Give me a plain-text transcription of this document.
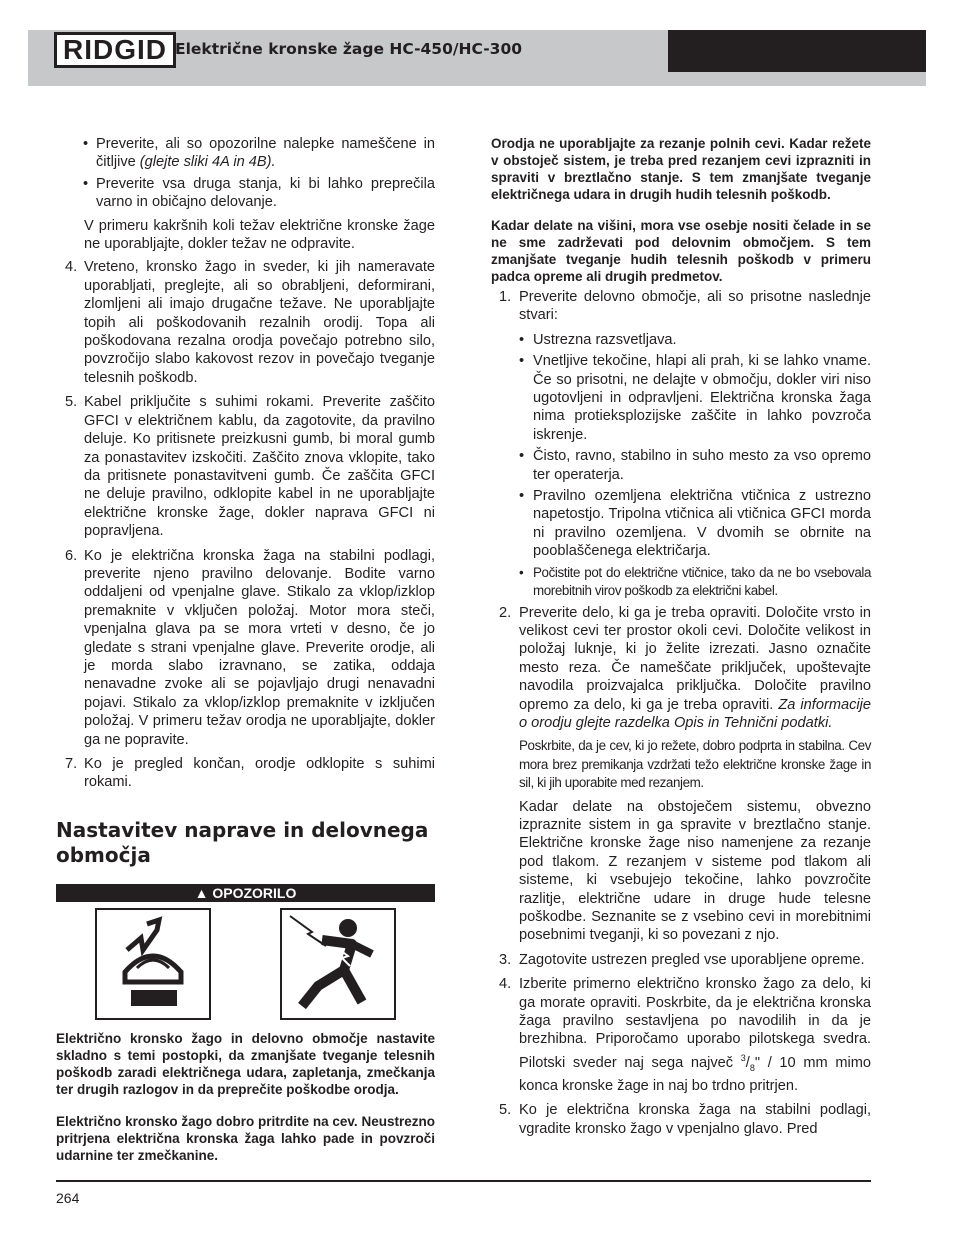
RIDGID Električne kronske žage HC-450/HC-300

• Preverite, ali so opozorilne nalepke nameščene in čitljive (glejte sliki 4A in 4B).

• Preverite vsa druga stanja, ki bi lahko preprečila varno in običajno delovanje.

V primeru kakršnih koli težav električne kronske žage ne uporabljajte, dokler težav ne odpravite.

4. Vreteno, kronsko žago in sveder, ki jih nameravate uporabljati, preglejte, ali so obrabljeni, deformirani, zlomljeni ali imajo drugačne težave. Ne uporabljajte topih ali poškodovanih rezalnih orodij. Topa ali poškodovana rezalna orodja povečajo potrebno silo, povzročijo slabo kakovost rezov in povečajo tveganje telesnih poškodb.

5. Kabel priključite s suhimi rokami. Preverite zaščito GFCI v električnem kablu, da zagotovite, da pravilno deluje. Ko pritisnete preizkusni gumb, bi moral gumb za ponastavitev izskočiti. Zaščito znova vklopite, tako da pritisnete ponastavitveni gumb. Če zaščita GFCI ne deluje pravilno, odklopite kabel in ne uporabljajte električne kronske žage, dokler naprava GFCI ni popravljena.

6. Ko je električna kronska žaga na stabilni podlagi, preverite njeno pravilno delovanje. Bodite varno oddaljeni od vpenjalne glave. Stikalo za vklop/izklop premaknite v vključen položaj. Motor mora steči, vpenjalna glava pa se mora vrteti v desno, če jo gledate s strani vpenjalne glave. Preverite orodje, ali je morda slabo izravnano, se zatika, oddaja nenavadne zvoke ali se pojavljajo drugi nenavadni pojavi. Stikalo za vklop/izklop premaknite v izključen položaj. V primeru težav orodja ne uporabljajte, dokler ga ne popravite.

7. Ko je pregled končan, orodje odklopite s suhimi rokami.

Nastavitev naprave in delovnega območja

▲ OPOZORILO

Električno kronsko žago in delovno območje nastavite skladno s temi postopki, da zmanjšate tveganje telesnih poškodb zaradi električnega udara, zapletanja, zmečkanja ter drugih razlogov in da preprečite poškodbe orodja.

Električno kronsko žago dobro pritrdite na cev. Neustrezno pritrjena električna kronska žaga lahko pade in povzroči udarnine ter zmečkanine.

Orodja ne uporabljajte za rezanje polnih cevi. Kadar režete v obstoječ sistem, je treba pred rezanjem cevi izprazniti in spraviti v breztlačno stanje. S tem zmanjšate tveganje električnega udara in drugih hudih telesnih poškodb.

Kadar delate na višini, mora vse osebje nositi čelade in se ne sme zadrževati pod delovnim območjem. S tem zmanjšate tveganje hudih telesnih poškodb v primeru padca opreme ali drugih predmetov.

1. Preverite delovno območje, ali so prisotne naslednje stvari:

• Ustrezna razsvetljava.

• Vnetljive tekočine, hlapi ali prah, ki se lahko vname. Če so prisotni, ne delajte v območju, dokler viri niso ugotovljeni in odpravljeni. Električna kronska žaga nima protieksplozijske zaščite in lahko povzroča iskrenje.

• Čisto, ravno, stabilno in suho mesto za vso opremo ter operaterja.

• Pravilno ozemljena električna vtičnica z ustrezno napetostjo. Tripolna vtičnica ali vtičnica GFCI morda ni pravilno ozemljena. V dvomih se obrnite na pooblaščenega električarja.

• Počistite pot do električne vtičnice, tako da ne bo vsebovala morebitnih virov poškodb za električni kabel.

2. Preverite delo, ki ga je treba opraviti. Določite vrsto in velikost cevi ter prostor okoli cevi. Določite velikost in položaj luknje, ki jo želite izrezati. Jasno označite mesto reza. Če nameščate priključek, upoštevajte navodila proizvajalca priključka. Določite pravilno opremo za delo, ki ga je treba opraviti. Za informacije o orodju glejte razdelka Opis in Tehnični podatki.

Poskrbite, da je cev, ki jo režete, dobro podprta in stabilna. Cev mora brez premikanja vzdržati težo električne kronske žage in sil, ki jih uporabite med rezanjem.

Kadar delate na obstoječem sistemu, obvezno izpraznite sistem in ga spravite v breztlačno stanje. Električne kronske žage niso namenjene za rezanje pod tlakom. Z rezanjem v sisteme pod tlakom ali sisteme, ki vsebujejo tekočine, lahko povzročite razlitje, električne udare in druge hude telesne poškodbe. Seznanite se z vsebino cevi in morebitnimi posebnimi tveganji, ki so povezani z njo.

3. Zagotovite ustrezen pregled vse uporabljene opreme.

4. Izberite primerno električno kronsko žago za delo, ki ga morate opraviti. Poskrbite, da je električna kronska žaga pravilno sestavljena po navodilih in da je brezhibna. Priporočamo uporabo pilotskega svedra. Pilotski sveder naj sega največ $^3/_8$" / 10 mm mimo konca kronske žage in naj bo trdno pritrjen.

5. Ko je električna kronska žaga na stabilni podlagi, vgradite kronsko žago v vpenjalno glavo. Pred

264
